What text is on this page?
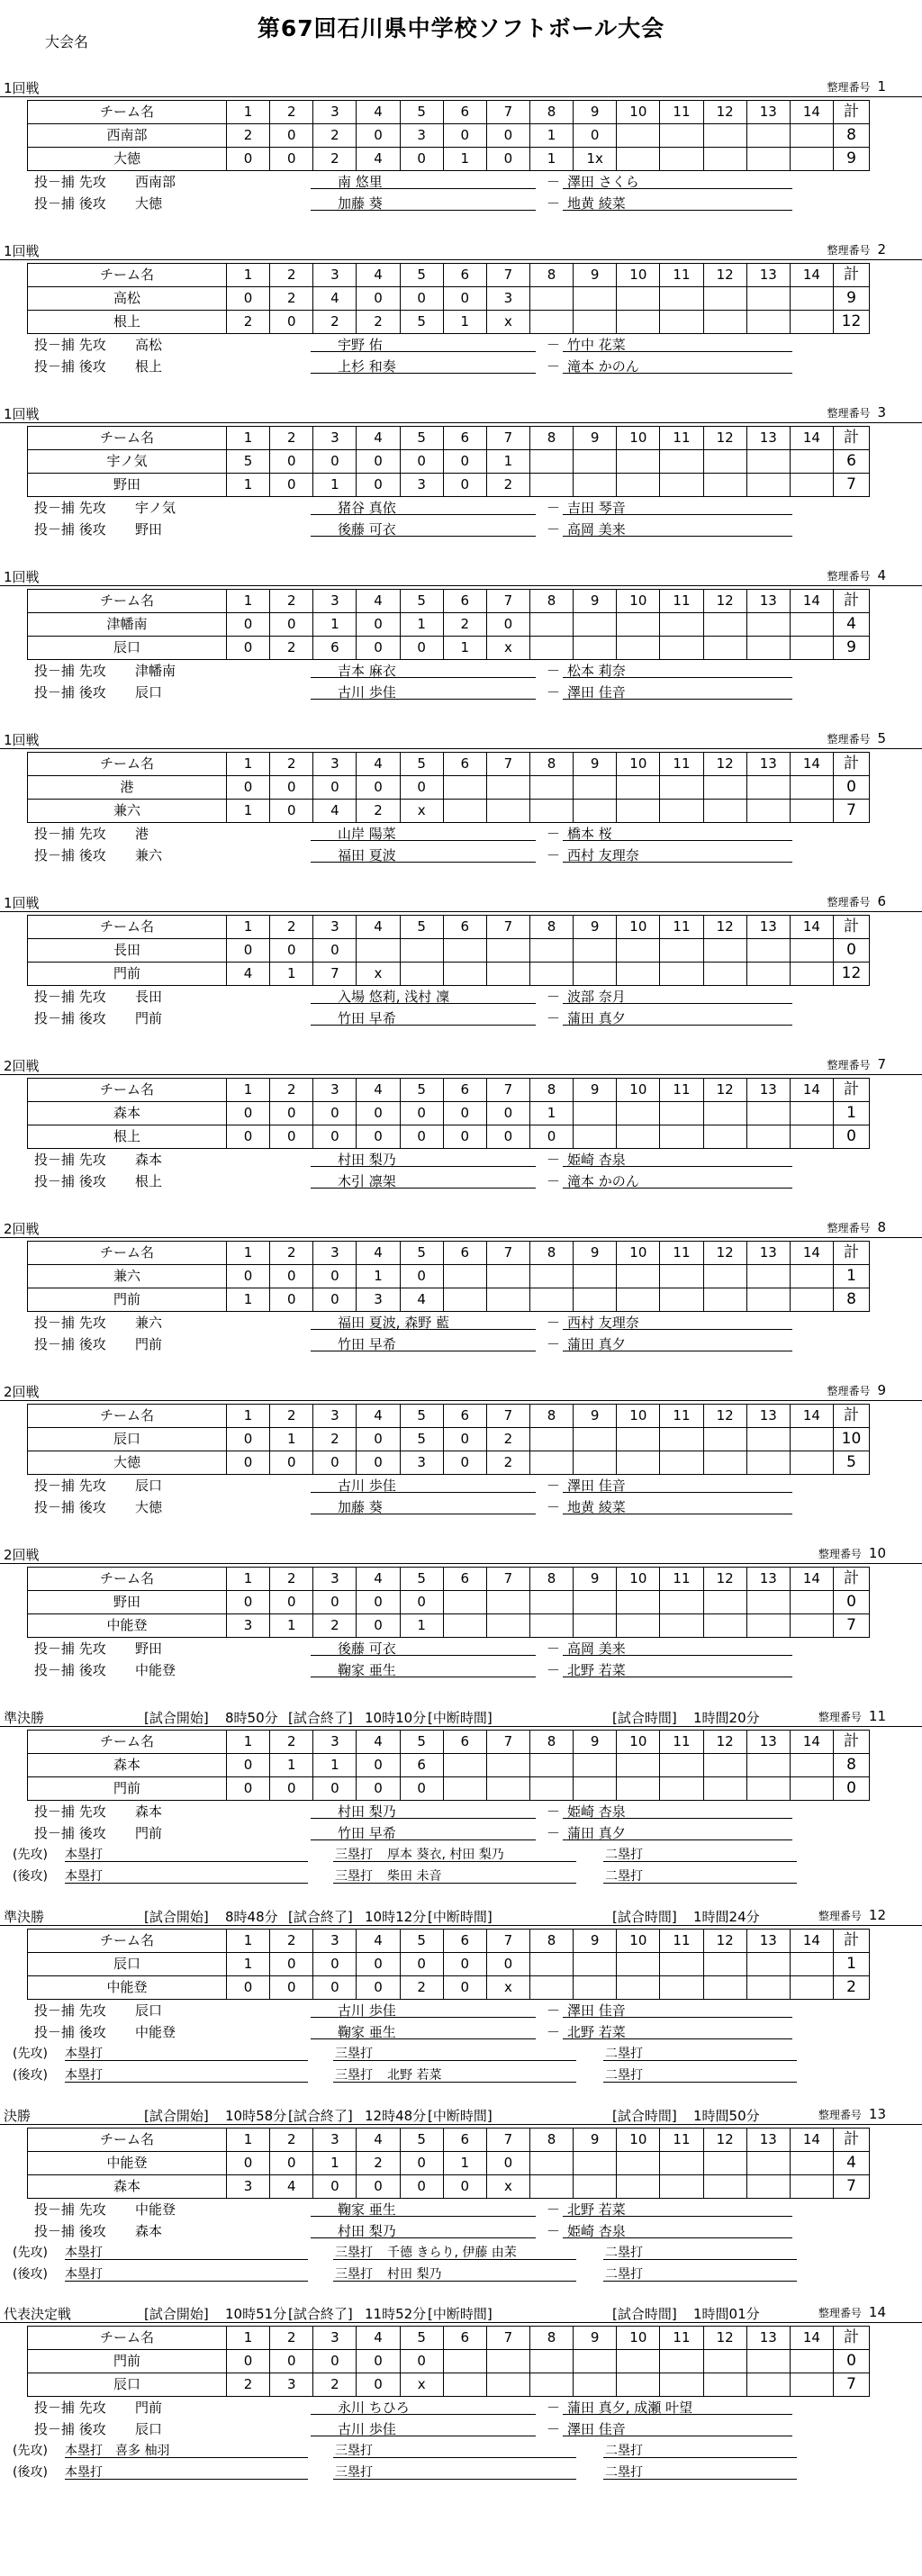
第67回石川県中学校ソフトボール大会
大会名
1回戦	整理番号 1
チーム名	1	2	3	4	5	6	7	8	9	10	11	12	13	14	計
西南部	2	0	2	0	3	0	0	1	0						8
大徳	0	0	2	4	0	1	0	1	1x						9
投－捕 先攻 西南部	南 悠里	－ 澤田 さくら
投－捕 後攻 大徳	加藤 葵	－ 地黄 綾菜
1回戦	整理番号 2
チーム名	1	2	3	4	5	6	7	8	9	10	11	12	13	14	計
高松	0	2	4	0	0	0	3								9
根上	2	0	2	2	5	1	x								12
投－捕 先攻 高松	宇野 佑	－ 竹中 花菜
投－捕 後攻 根上	上杉 和奏	－ 滝本 かのん
1回戦	整理番号 3
チーム名	1	2	3	4	5	6	7	8	9	10	11	12	13	14	計
宇ノ気	5	0	0	0	0	0	1								6
野田	1	0	1	0	3	0	2								7
投－捕 先攻 宇ノ気	猪谷 真依	－ 吉田 琴音
投－捕 後攻 野田	後藤 可衣	－ 高岡 美来
1回戦	整理番号 4
チーム名	1	2	3	4	5	6	7	8	9	10	11	12	13	14	計
津幡南	0	0	1	0	1	2	0								4
辰口	0	2	6	0	0	1	x								9
投－捕 先攻 津幡南	吉本 麻衣	－ 松本 莉奈
投－捕 後攻 辰口	古川 歩佳	－ 澤田 佳音
1回戦	整理番号 5
チーム名	1	2	3	4	5	6	7	8	9	10	11	12	13	14	計
港	0	0	0	0	0										0
兼六	1	0	4	2	x										7
投－捕 先攻 港	山岸 陽菜	－ 橋本 桜
投－捕 後攻 兼六	福田 夏波	－ 西村 友理奈
1回戦	整理番号 6
チーム名	1	2	3	4	5	6	7	8	9	10	11	12	13	14	計
長田	0	0	0												0
門前	4	1	7	x											12
投－捕 先攻 長田	入場 悠莉, 浅村 凜	－ 波部 奈月
投－捕 後攻 門前	竹田 早希	－ 蒲田 真夕
2回戦	整理番号 7
チーム名	1	2	3	4	5	6	7	8	9	10	11	12	13	14	計
森本	0	0	0	0	0	0	0	1							1
根上	0	0	0	0	0	0	0	0							0
投－捕 先攻 森本	村田 梨乃	－ 姫崎 杏泉
投－捕 後攻 根上	木引 凛架	－ 滝本 かのん
2回戦	整理番号 8
チーム名	1	2	3	4	5	6	7	8	9	10	11	12	13	14	計
兼六	0	0	0	1	0										1
門前	1	0	0	3	4										8
投－捕 先攻 兼六	福田 夏波, 森野 藍	－ 西村 友理奈
投－捕 後攻 門前	竹田 早希	－ 蒲田 真夕
2回戦	整理番号 9
チーム名	1	2	3	4	5	6	7	8	9	10	11	12	13	14	計
辰口	0	1	2	0	5	0	2								10
大徳	0	0	0	0	3	0	2								5
投－捕 先攻 辰口	古川 歩佳	－ 澤田 佳音
投－捕 後攻 大徳	加藤 葵	－ 地黄 綾菜
2回戦	整理番号 10
チーム名	1	2	3	4	5	6	7	8	9	10	11	12	13	14	計
野田	0	0	0	0	0										0
中能登	3	1	2	0	1										7
投－捕 先攻 野田	後藤 可衣	－ 高岡 美来
投－捕 後攻 中能登	鞠家 亜生	－ 北野 若菜
準決勝	[試合開始] 8時50分 [試合終了] 10時10分 [中断時間]	[試合時間] 1時間20分	整理番号 11
チーム名	1	2	3	4	5	6	7	8	9	10	11	12	13	14	計
森本	0	1	1	0	6										8
門前	0	0	0	0	0										0
投－捕 先攻 森本	村田 梨乃	－ 姫崎 杏泉
投－捕 後攻 門前	竹田 早希	－ 蒲田 真夕
(先攻) 本塁打	三塁打 厚本 葵衣, 村田 梨乃	二塁打
(後攻) 本塁打	三塁打 柴田 未音	二塁打
準決勝	[試合開始] 8時48分 [試合終了] 10時12分 [中断時間]	[試合時間] 1時間24分	整理番号 12
チーム名	1	2	3	4	5	6	7	8	9	10	11	12	13	14	計
辰口	1	0	0	0	0	0	0								1
中能登	0	0	0	0	2	0	x								2
投－捕 先攻 辰口	古川 歩佳	－ 澤田 佳音
投－捕 後攻 中能登	鞠家 亜生	－ 北野 若菜
(先攻) 本塁打	三塁打	二塁打
(後攻) 本塁打	三塁打 北野 若菜	二塁打
決勝	[試合開始] 10時58分 [試合終了] 12時48分 [中断時間]	[試合時間] 1時間50分	整理番号 13
チーム名	1	2	3	4	5	6	7	8	9	10	11	12	13	14	計
中能登	0	0	1	2	0	1	0								4
森本	3	4	0	0	0	0	x								7
投－捕 先攻 中能登	鞠家 亜生	－ 北野 若菜
投－捕 後攻 森本	村田 梨乃	－ 姫崎 杏泉
(先攻) 本塁打	三塁打 千德 きらり, 伊藤 由茉	二塁打
(後攻) 本塁打	三塁打 村田 梨乃	二塁打
代表決定戦	[試合開始] 10時51分 [試合終了] 11時52分 [中断時間]	[試合時間] 1時間01分	整理番号 14
チーム名	1	2	3	4	5	6	7	8	9	10	11	12	13	14	計
門前	0	0	0	0	0										0
辰口	2	3	2	0	x										7
投－捕 先攻 門前	永川 ちひろ	－ 蒲田 真夕, 成瀬 叶望
投－捕 後攻 辰口	古川 歩佳	－ 澤田 佳音
(先攻) 本塁打 喜多 柚羽	三塁打	二塁打
(後攻) 本塁打	三塁打	二塁打
